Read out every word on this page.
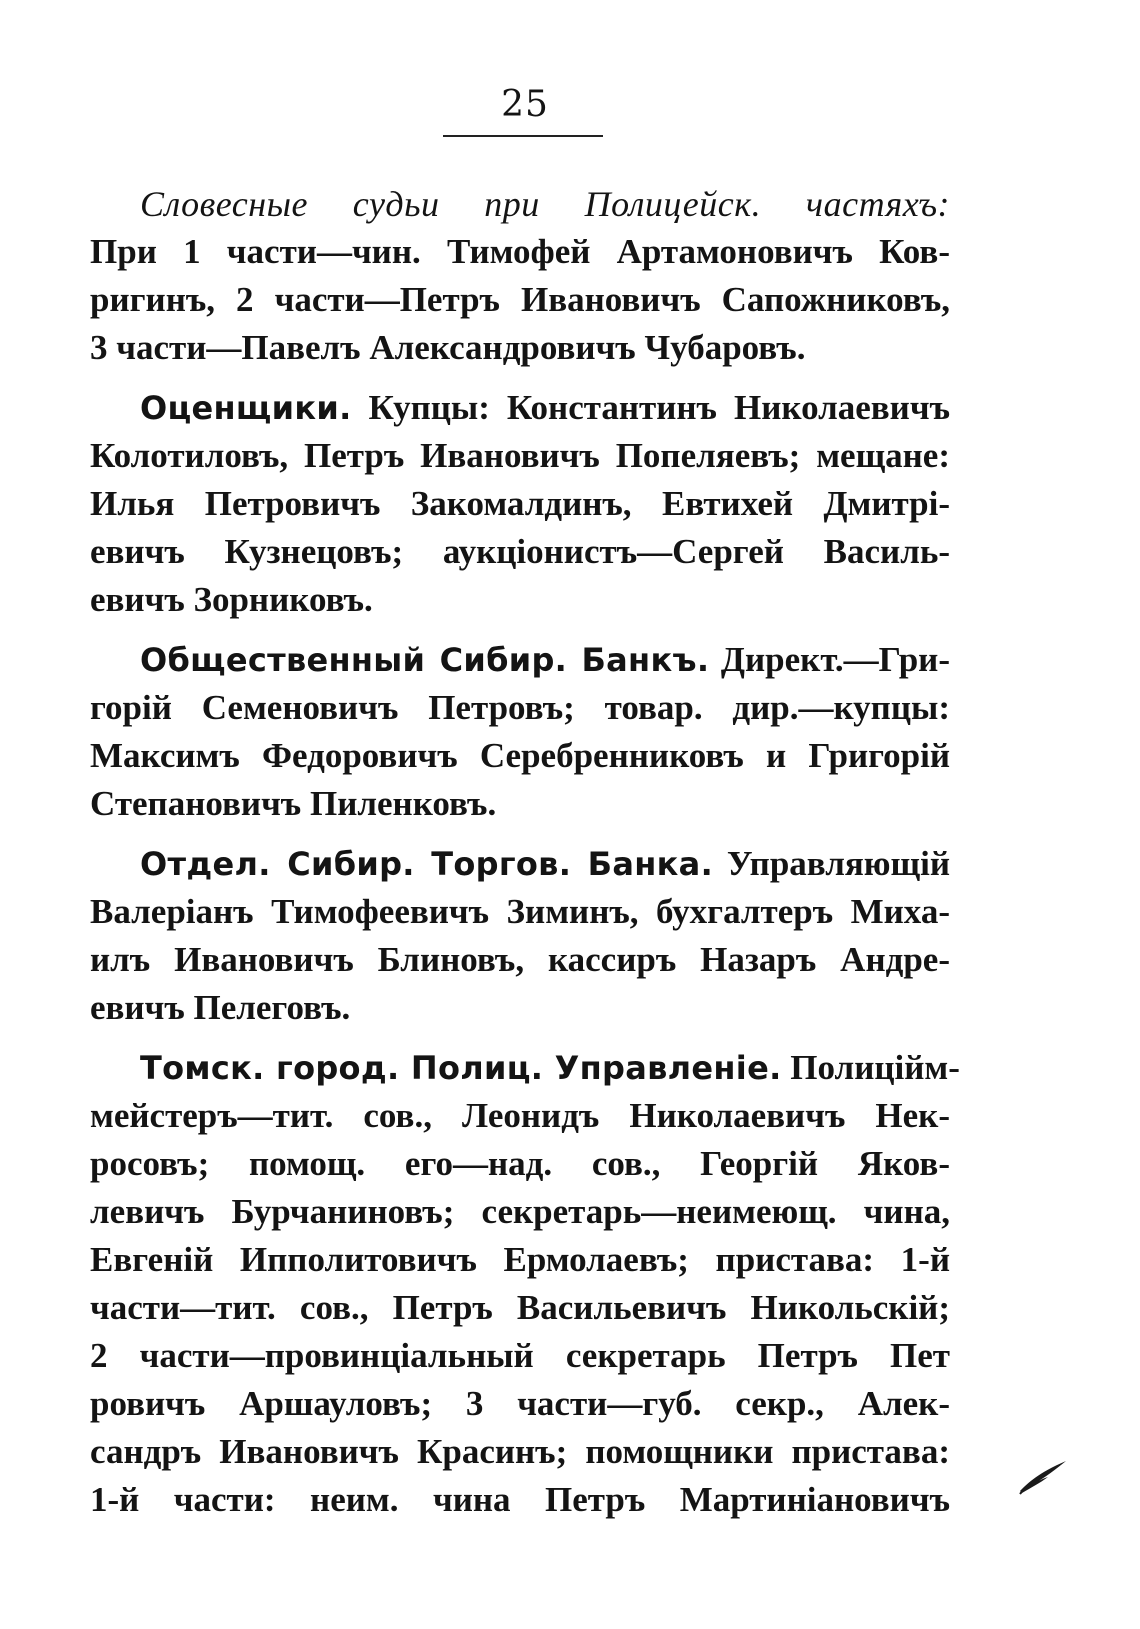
25
Словесные судьи при Полицейск. частяхъ:
При 1 части—чин. Тимофей Артамоновичъ Ков-
ригинъ, 2 части—Петръ Ивановичъ Сапожниковъ,
3 части—Павелъ Александровичъ Чубаровъ.
Оценщики. Купцы: Константинъ Николаевичъ
Колотиловъ, Петръ Ивановичъ Попеляевъ; мещане:
Илья Петровичъ Закомалдинъ, Евтихей Дмитрі-
евичъ Кузнецовъ; аукціонистъ—Сергей Василь-
евичъ Зорниковъ.
Общественный Сибир. Банкъ. Директ.—Гри-
горій Семеновичъ Петровъ; товар. дир.—купцы:
Максимъ Федоровичъ Серебренниковъ и Григорій
Степановичъ Пиленковъ.
Отдел. Сибир. Торгов. Банка. Управляющій
Валеріанъ Тимофеевичъ Зиминъ, бухгалтеръ Миха-
илъ Ивановичъ Блиновъ, кассиръ Назаръ Андре-
евичъ Пелеговъ.
Томск. город. Полиц. Управленіе. Полиційм-
мейстеръ—тит. сов., Леонидъ Николаевичъ Нек-
росовъ; помощ. его—над. сов., Георгій Яков-
левичъ Бурчаниновъ; секретарь—неимеющ. чина,
Евгеній Ипполитовичъ Ермолаевъ; пристава: 1-й
части—тит. сов., Петръ Васильевичъ Никольскій;
2 части—провинціальный секретарь Петръ Пет
ровичъ Аршауловъ; 3 части—губ. секр., Алек-
сандръ Ивановичъ Красинъ; помощники пристава:
1-й части: неим. чина Петръ Мартиніановичъ
